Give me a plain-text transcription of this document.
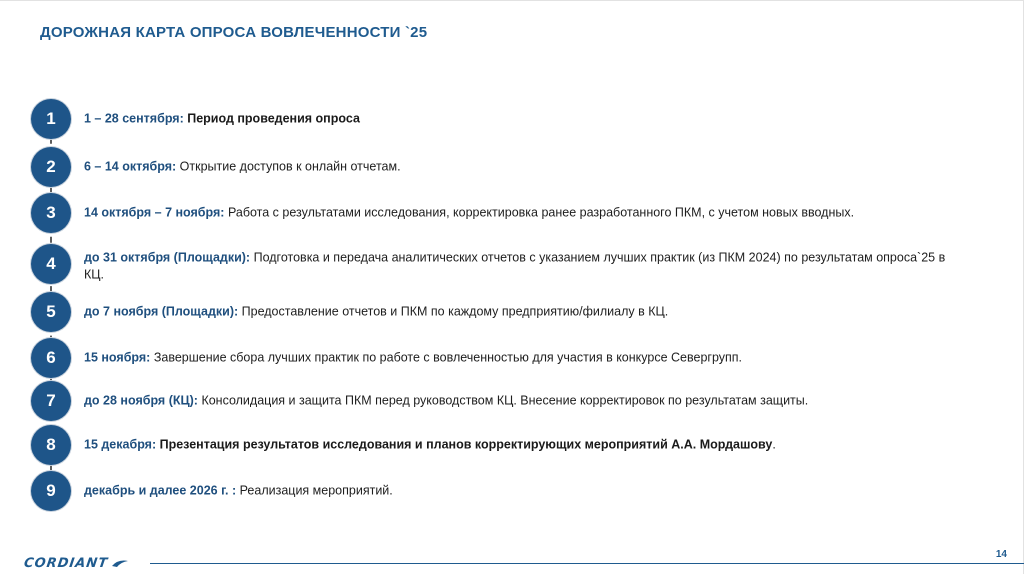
ДОРОЖНАЯ КАРТА ОПРОСА ВОВЛЕЧЕННОСТИ `25
1	1 – 28 сентября: Период проведения опроса
2	6 – 14 октября: Открытие доступов к онлайн отчетам.
3	14 октября – 7 ноября: Работа с результатами исследования, корректировка ранее разработанного ПКМ, с учетом новых вводных.
4	до 31 октября (Площадки): Подготовка и передача аналитических отчетов с указанием лучших практик (из ПКМ 2024) по результатам опроса`25 в КЦ.
5	до 7 ноября (Площадки): Предоставление отчетов и ПКМ по каждому предприятию/филиалу в КЦ.
6	15 ноября: Завершение сбора лучших практик по работе с вовлеченностью для участия в конкурсе Севергрупп.
7	до 28 ноября (КЦ): Консолидация и защита ПКМ перед руководством КЦ. Внесение корректировок по результатам защиты.
8	15 декабря: Презентация результатов исследования и планов корректирующих мероприятий А.А. Мордашову.
9	декабрь и далее 2026 г. : Реализация мероприятий.
CORDIANT
14
